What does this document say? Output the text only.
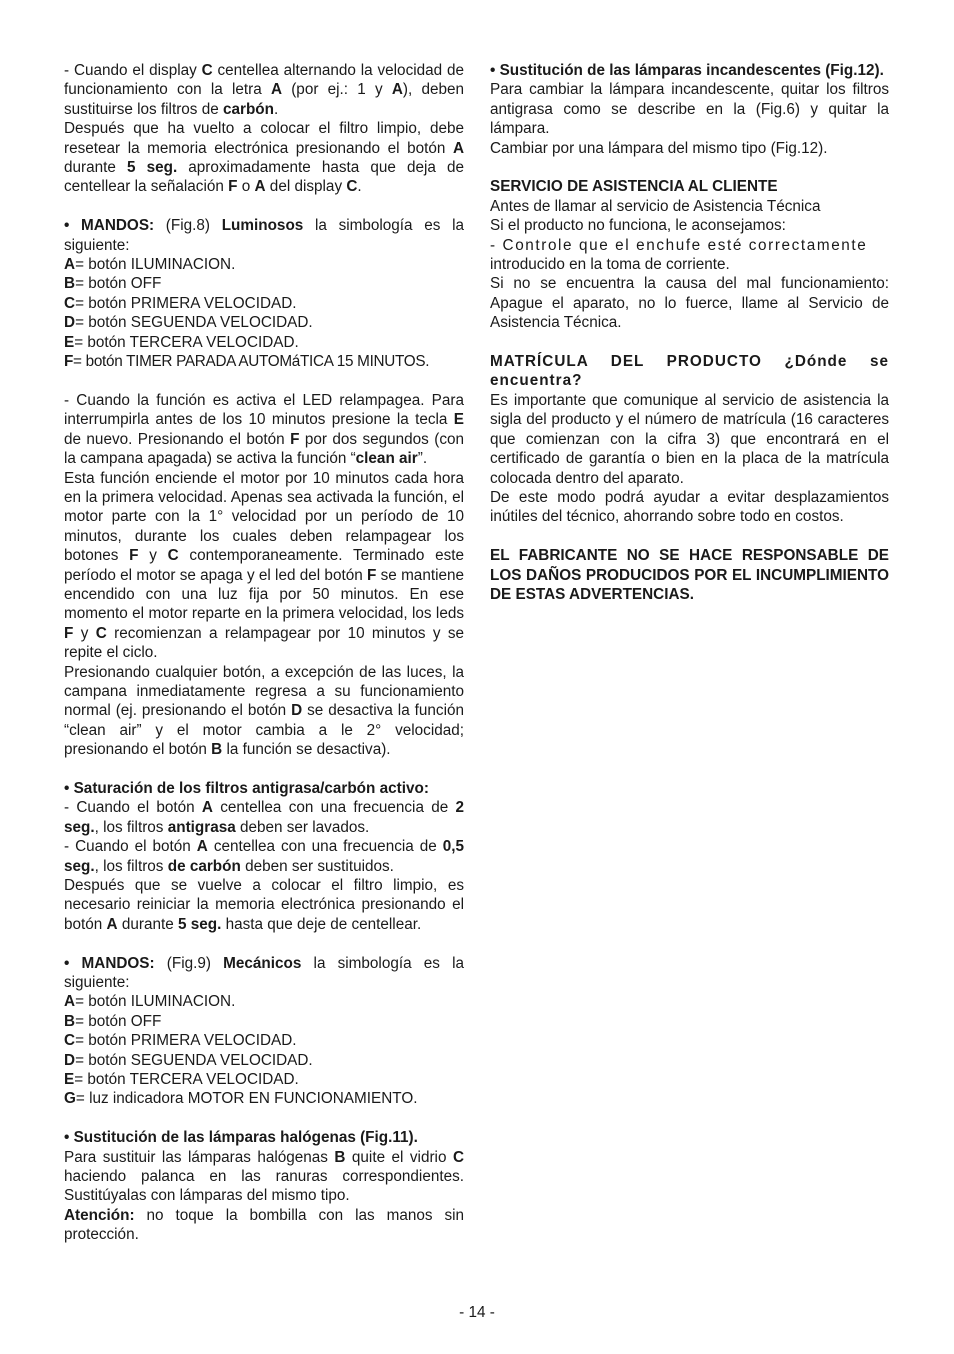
- Cuando el display C centellea alternando la velocidad de funcionamiento con la letra A (por ej.: 1 y A), deben sustituirse los filtros de carbón.

Después que ha vuelto a colocar el filtro limpio, debe resetear la memoria electrónica presionando el botón A durante 5 seg. aproximadamente hasta que deja de centellear la señalación F o A del display C.

• MANDOS: (Fig.8) Luminosos la simbología es la siguiente:

A= botón ILUMINACION.

B= botón OFF

C= botón PRIMERA VELOCIDAD.

D= botón SEGUENDA VELOCIDAD.

E= botón TERCERA VELOCIDAD.

F= botón TIMER PARADA AUTOMáTICA 15 MINUTOS.

- Cuando la función es activa el LED relampagea. Para interrumpirla antes de los 10 minutos presione la tecla E de nuevo. Presionando el botón F por dos segundos (con la campana apagada) se activa la función “clean air”.

Esta función enciende el motor por 10 minutos cada hora en la primera velocidad. Apenas sea activada la función, el motor parte con la 1° velocidad por un período de 10 minutos, durante los cuales deben relampagear los botones F y C contemporaneamente. Terminado este período el motor se apaga y el led del botón F se mantiene encendido con una luz fija por 50 minutos. En ese momento el motor reparte en la primera velocidad, los leds F y C recomienzan a relampagear por 10 minutos y se repite el ciclo.

Presionando cualquier botón, a excepción de las luces, la campana inmediatamente regresa a su funcionamiento normal (ej. presionando el botón D se desactiva la función “clean air” y el motor cambia a le 2° velocidad; presionando el botón B la función se desactiva).

• Saturación de los filtros antigrasa/carbón activo:

- Cuando el botón A centellea con una frecuencia de 2 seg., los filtros antigrasa deben ser lavados.

- Cuando el botón A centellea con una frecuencia de 0,5 seg., los filtros de carbón deben ser sustituidos.

Después que se vuelve a colocar el filtro limpio, es necesario reiniciar la memoria electrónica presionando el botón A durante 5 seg. hasta que deje de centellear.

• MANDOS: (Fig.9) Mecánicos la simbología es la siguiente:

A= botón ILUMINACION.

B= botón OFF

C= botón PRIMERA VELOCIDAD.

D= botón SEGUENDA VELOCIDAD.

E= botón TERCERA VELOCIDAD.

G= luz indicadora MOTOR EN FUNCIONAMIENTO.

• Sustitución de las lámparas halógenas (Fig.11).

Para sustituir las lámparas halógenas B quite el vidrio C haciendo palanca en las ranuras correspondientes. Sustitúyalas con lámparas del mismo tipo.

Atención: no toque la bombilla con las manos sin protección.

• Sustitución de las lámparas incandescentes (Fig.12).

Para cambiar la lámpara incandescente, quitar los filtros antigrasa como se describe en la (Fig.6) y quitar la lámpara.

Cambiar por una lámpara del mismo tipo (Fig.12).

SERVICIO DE ASISTENCIA AL CLIENTE

Antes de llamar al servicio de Asistencia Técnica

Si el producto no funciona, le aconsejamos:

- Controle que el enchufe esté correctamente

introducido en la toma de corriente.

Si no se encuentra la causa del mal funcionamiento: Apague el aparato, no lo fuerce, llame al Servicio de Asistencia Técnica.

MATRÍCULA DEL PRODUCTO ¿Dónde se encuentra?

Es importante que comunique al servicio de asistencia la sigla del producto y el número de matrícula (16 caracteres que comienzan con la cifra 3) que encontrará en el certificado de garantía o bien en la placa de la matrícula colocada dentro del aparato.

De este modo podrá ayudar a evitar desplazamientos inútiles del técnico, ahorrando sobre todo en costos.

EL FABRICANTE NO SE HACE RESPONSABLE DE LOS DAÑOS PRODUCIDOS POR EL INCUMPLIMIENTO DE ESTAS ADVERTENCIAS.

- 14 -
